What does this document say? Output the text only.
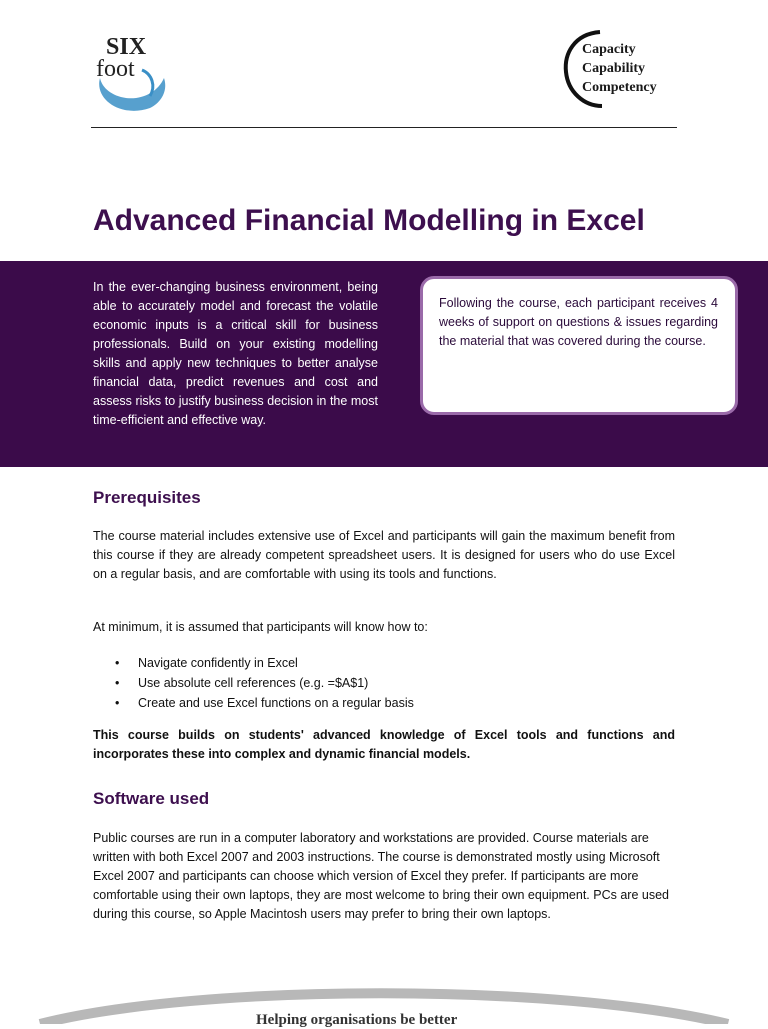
SIX
foot
Capacity
Capability
Competency
Advanced Financial Modelling in Excel

In the ever-changing business environment, being able to accurately model and forecast the volatile economic inputs is a critical skill for business professionals. Build on your existing modelling skills and apply new techniques to better analyse financial data, predict revenues and cost and assess risks to justify business decision in the most time-efficient and effective way.

Following the course, each participant receives 4 weeks of support on questions & issues regarding the material that was covered during the course.

Prerequisites

The course material includes extensive use of Excel and participants will gain the maximum benefit from this course if they are already competent spreadsheet users. It is designed for users who do use Excel on a regular basis, and are comfortable with using its tools and functions.

At minimum, it is assumed that participants will know how to:

• Navigate confidently in Excel
• Use absolute cell references (e.g. =$A$1)
• Create and use Excel functions on a regular basis

This course builds on students' advanced knowledge of Excel tools and functions and incorporates these into complex and dynamic financial models.

Software used

Public courses are run in a computer laboratory and workstations are provided. Course materials are written with both Excel 2007 and 2003 instructions. The course is demonstrated mostly using Microsoft Excel 2007 and participants can choose which version of Excel they prefer. If participants are more comfortable using their own laptops, they are most welcome to bring their own equipment. PCs are used during this course, so Apple Macintosh users may prefer to bring their own laptops.

Helping organisations be better
